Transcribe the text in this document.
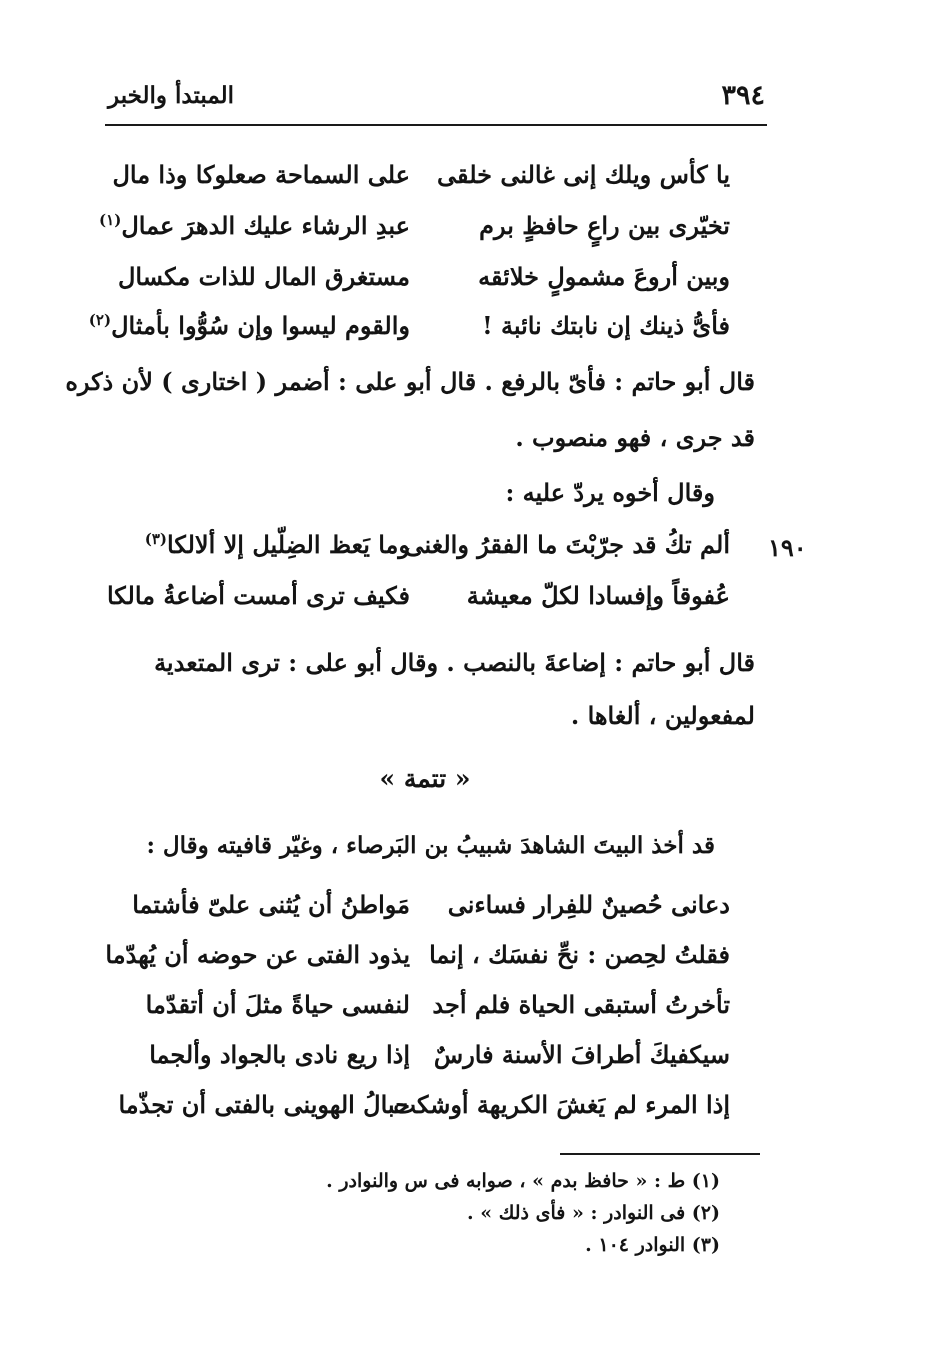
٣٩٤
المبتدأ والخبر
يا كأس ويلك إنى غالنى خلقى
على السماحة صعلوكا وذا مال
تخيّرى بين راعٍ حافظٍ برم
عبدِ الرشاء عليك الدهرَ عمال$^{(١)}$
وبين أروعَ مشمولٍ خلائقه
مستغرق المال للذات مكسال
فأىُّ ذينك إن نابتك نائبة !
والقوم ليسوا وإن سُوُّوا بأمثال$^{(٢)}$
قال أبو حاتم : فأىّ بالرفع . قال أبو على : أضمر ( اختارى ) لأن ذكره
قد جرى ، فهو منصوب .
وقال أخوه يردّ عليه :
١٩٠
ألم تكُ قد جرّبْتَ ما الفقرُ والغنى
وما يَعظ الضِلّيل إلا ألالكا$^{(٣)}$
عُفوقاً وإفسادا لكلّ معيشة
فكيف ترى أمست أضاعةُ مالكا
قال أبو حاتم : إضاعةَ بالنصب . وقال أبو على : ترى المتعدية
لمفعولين ، ألغاها .
« تتمة »
قد أخذ البيتَ الشاهدَ شبيبُ بن البَرصاء ، وغيّر قافيته وقال :
دعانى حُصينٌ للفِرار فساءنى
مَواطنُ أن يُثنى علىّ فأشتما
فقلتُ لحِصن : نحِّ نفسَك ، إنما
يذود الفتى عن حوضه أن يُهدّما
تأخرتُ أستبقى الحياة فلم أجد
لنفسى حياةً مثلَ أن أتقدّما
سيكفيكَ أطرافَ الأسنة فارسٌ
إذا ريع نادى بالجواد وألجما
إذا المرء لم يَغشَ الكريهة أوشكت
حبالُ الهوينى بالفتى أن تجذّما
(١) ط : « حافظ بدم » ، صوابه فى س والنوادر .
(٢) فى النوادر : « فأى ذلك » .
(٣) النوادر ١٠٤ .
